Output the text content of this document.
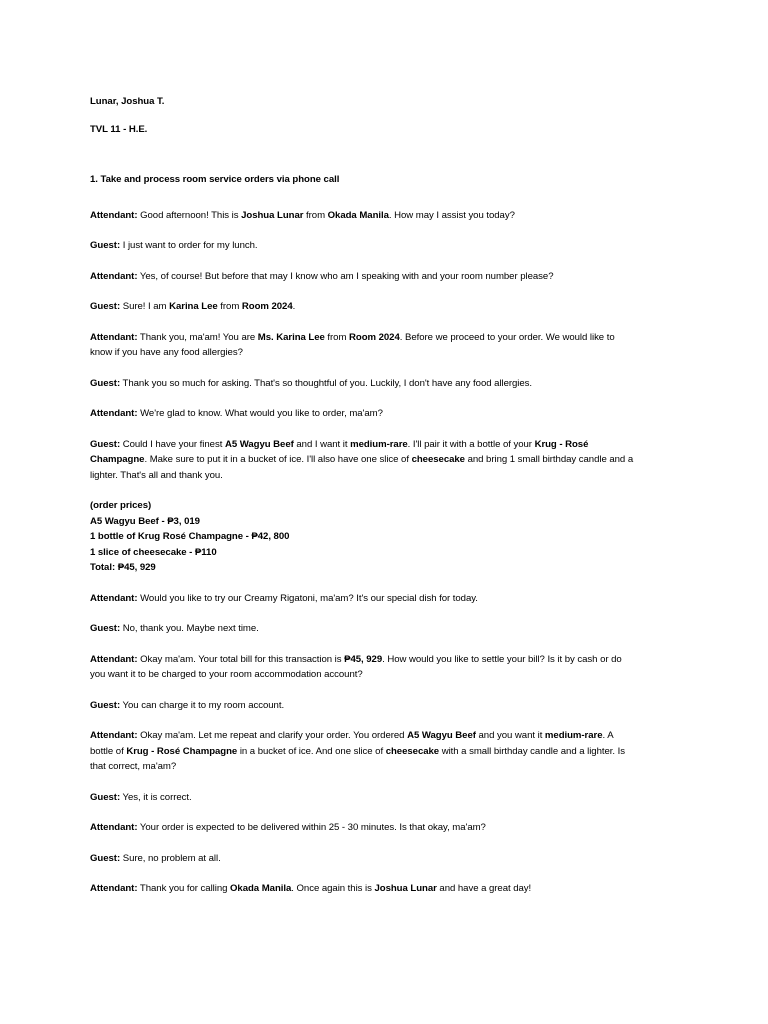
Lunar, Joshua T.
TVL 11 - H.E.
1. Take and process room service orders via phone call
Attendant: Good afternoon! This is Joshua Lunar from Okada Manila. How may I assist you today?
Guest: I just want to order for my lunch.
Attendant: Yes, of course! But before that may I know who am I speaking with and your room number please?
Guest: Sure! I am Karina Lee from Room 2024.
Attendant: Thank you, ma'am! You are Ms. Karina Lee from Room 2024. Before we proceed to your order. We would like to
know if you have any food allergies?
Guest: Thank you so much for asking. That's so thoughtful of you. Luckily, I don't have any food allergies.
Attendant: We're glad to know. What would you like to order, ma'am?
Guest: Could I have your finest A5 Wagyu Beef and I want it medium-rare. I'll pair it with a bottle of your Krug - Rosé
Champagne. Make sure to put it in a bucket of ice. I'll also have one slice of cheesecake and bring 1 small birthday candle and a
lighter. That's all and thank you.
(order prices)
A5 Wagyu Beef - ₱3, 019
1 bottle of Krug Rosé Champagne - ₱42, 800
1 slice of cheesecake - ₱110
Total: ₱45, 929
Attendant: Would you like to try our Creamy Rigatoni, ma'am? It's our special dish for today.
Guest: No, thank you. Maybe next time.
Attendant: Okay ma'am. Your total bill for this transaction is ₱45, 929. How would you like to settle your bill? Is it by cash or do
you want it to be charged to your room accommodation account?
Guest: You can charge it to my room account.
Attendant: Okay ma'am. Let me repeat and clarify your order. You ordered A5 Wagyu Beef and you want it medium-rare. A
bottle of Krug - Rosé Champagne in a bucket of ice. And one slice of cheesecake with a small birthday candle and a lighter. Is
that correct, ma'am?
Guest: Yes, it is correct.
Attendant: Your order is expected to be delivered within 25 - 30 minutes. Is that okay, ma'am?
Guest: Sure, no problem at all.
Attendant: Thank you for calling Okada Manila. Once again this is Joshua Lunar and have a great day!
